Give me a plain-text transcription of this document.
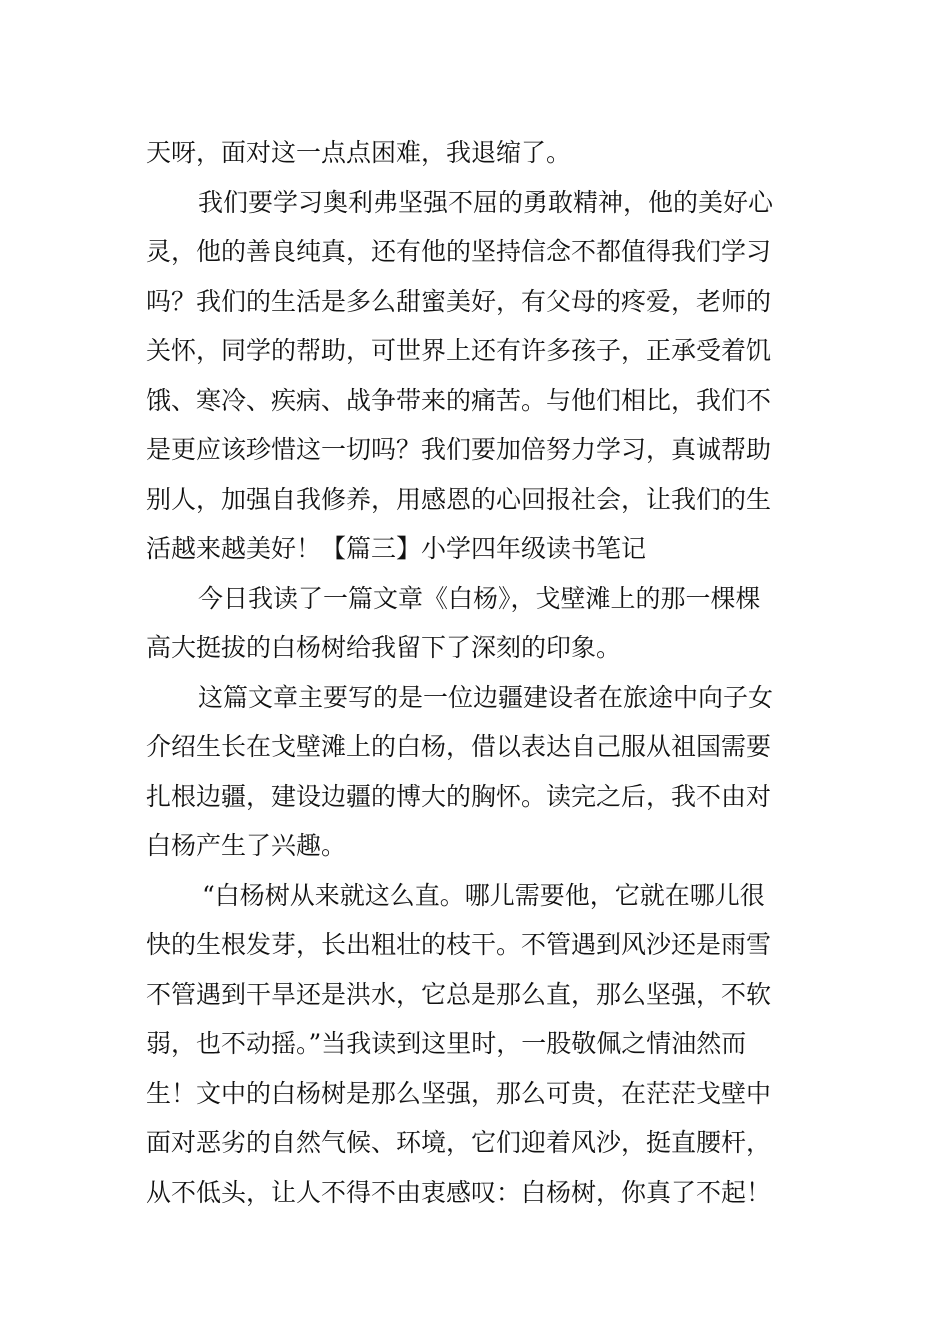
天呀，面对这一点点困难，我退缩了。
我们要学习奥利弗坚强不屈的勇敢精神，他的美好心
灵，他的善良纯真，还有他的坚持信念不都值得我们学习
吗？我们的生活是多么甜蜜美好，有父母的疼爱，老师的
关怀，同学的帮助，可世界上还有许多孩子，正承受着饥
饿、寒冷、疾病、战争带来的痛苦。与他们相比，我们不
是更应该珍惜这一切吗？我们要加倍努力学习，真诚帮助
别人，加强自我修养，用感恩的心回报社会，让我们的生
活越来越美好！【篇三】小学四年级读书笔记
今日我读了一篇文章《白杨》，戈壁滩上的那一棵棵
高大挺拔的白杨树给我留下了深刻的印象。
这篇文章主要写的是一位边疆建设者在旅途中向子女
介绍生长在戈壁滩上的白杨，借以表达自己服从祖国需要
扎根边疆，建设边疆的博大的胸怀。读完之后，我不由对
白杨产生了兴趣。
“白杨树从来就这么直。哪儿需要他，它就在哪儿很
快的生根发芽，长出粗壮的枝干。不管遇到风沙还是雨雪
不管遇到干旱还是洪水，它总是那么直，那么坚强，不软
弱，也不动摇。”当我读到这里时，一股敬佩之情油然而
生！文中的白杨树是那么坚强，那么可贵，在茫茫戈壁中
面对恶劣的自然气候、环境，它们迎着风沙，挺直腰杆，
从不低头，让人不得不由衷感叹：白杨树，你真了不起！
